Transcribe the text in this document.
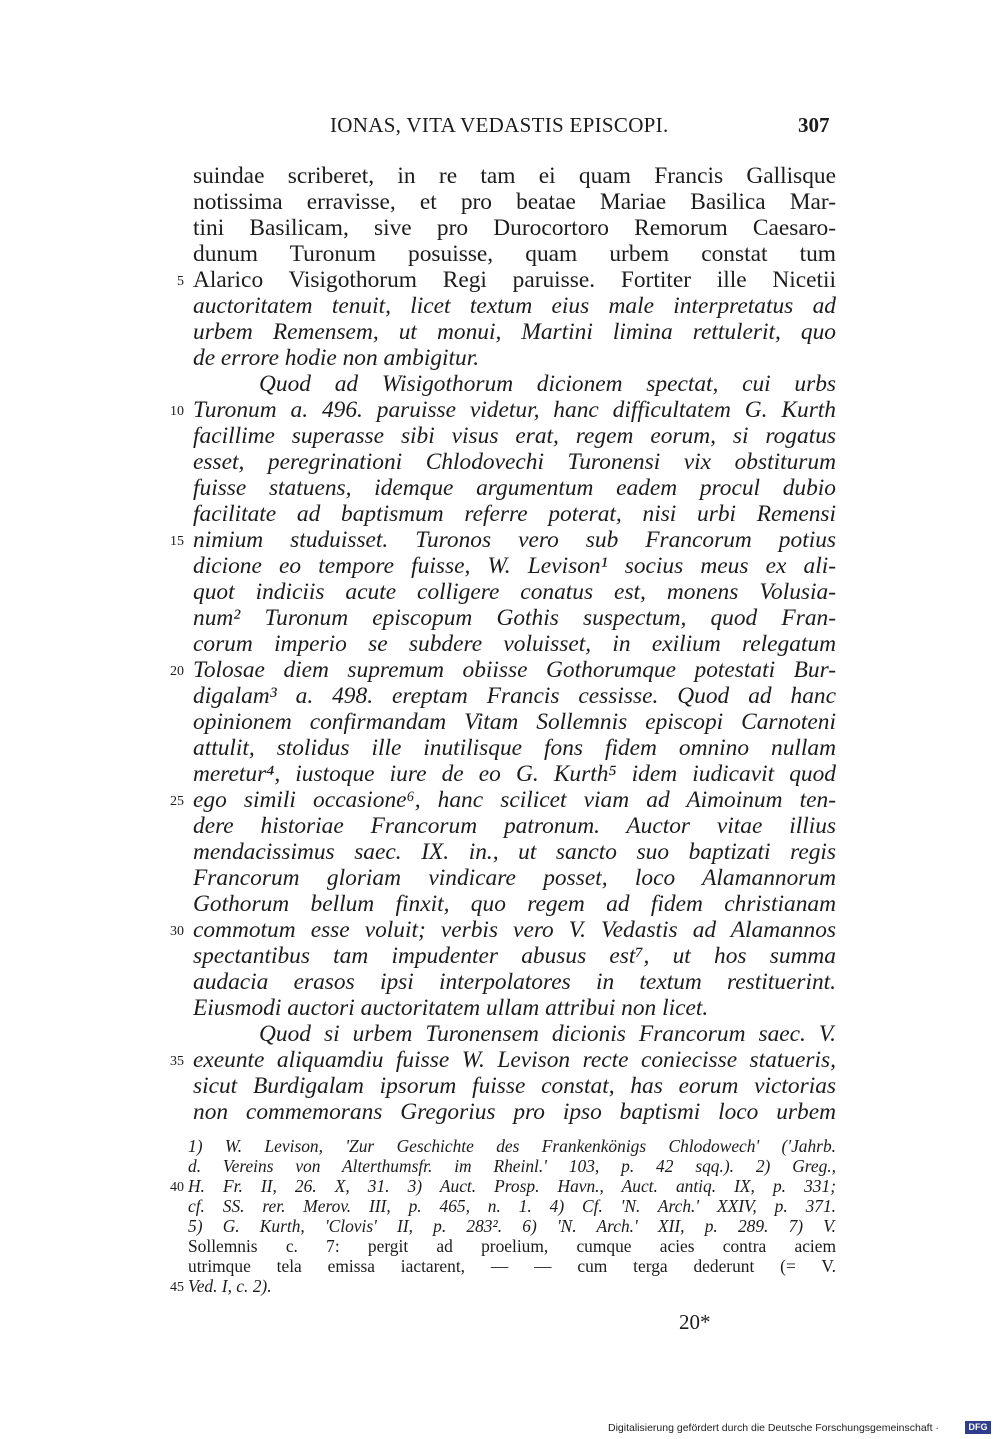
IONAS, VITA VEDASTIS EPISCOPI.	307
suindae scriberet, in re tam ei quam Francis Gallisque
notissima erravisse, et pro beatae Mariae Basilica Mar-
tini Basilicam, sive pro Durocortoro Remorum Caesaro-
dunum Turonum posuisse, quam urbem constat tum
Alarico Visigothorum Regi paruisse. Fortiter ille Nicetii
auctoritatem tenuit, licet textum eius male interpretatus ad
urbem Remensem, ut monui, Martini limina rettulerit, quo
de errore hodie non ambigitur.
Quod ad Wisigothorum dicionem spectat, cui urbs
Turonum a. 496. paruisse videtur, hanc difficultatem G. Kurth
facillime superasse sibi visus erat, regem eorum, si rogatus
esset, peregrinationi Chlodovechi Turonensi vix obstiturum
fuisse statuens, idemque argumentum eadem procul dubio
facilitate ad baptismum referre poterat, nisi urbi Remensi
nimium studuisset. Turonos vero sub Francorum potius
dicione eo tempore fuisse, W. Levison¹ socius meus ex ali-
quot indiciis acute colligere conatus est, monens Volusia-
num² Turonum episcopum Gothis suspectum, quod Fran-
corum imperio se subdere voluisset, in exilium relegatum
Tolosae diem supremum obiisse Gothorumque potestati Bur-
digalam³ a. 498. ereptam Francis cessisse. Quod ad hanc
opinionem confirmandam Vitam Sollemnis episcopi Carnoteni
attulit, stolidus ille inutilisque fons fidem omnino nullam
meretur⁴, iustoque iure de eo G. Kurth⁵ idem iudicavit quod
ego simili occasione⁶, hanc scilicet viam ad Aimoinum ten-
dere historiae Francorum patronum. Auctor vitae illius
mendacissimus saec. IX. in., ut sancto suo baptizati regis
Francorum gloriam vindicare posset, loco Alamannorum
Gothorum bellum finxit, quo regem ad fidem christianam
commotum esse voluit; verbis vero V. Vedastis ad Alamannos
spectantibus tam impudenter abusus est⁷, ut hos summa
audacia erasos ipsi interpolatores in textum restituerint.
Eiusmodi auctori auctoritatem ullam attribui non licet.
Quod si urbem Turonensem dicionis Francorum saec. V.
exeunte aliquamdiu fuisse W. Levison recte coniecisse statueris,
sicut Burdigalam ipsorum fuisse constat, has eorum victorias
non commemorans Gregorius pro ipso baptismi loco urbem
5
10
15
20
25
30
35
40
45
1) W. Levison, 'Zur Geschichte des Frankenkönigs Chlodowech' ('Jahrb.
d. Vereins von Alterthumsfr. im Rheinl.' 103, p. 42 sqq.). 2) Greg.,
H. Fr. II, 26. X, 31. 3) Auct. Prosp. Havn., Auct. antiq. IX, p. 331;
cf. SS. rer. Merov. III, p. 465, n. 1. 4) Cf. 'N. Arch.' XXIV, p. 371.
5) G. Kurth, 'Clovis' II, p. 283². 6) 'N. Arch.' XII, p. 289. 7) V.
Sollemnis c. 7: pergit ad proelium, cumque acies contra aciem
utrimque tela emissa iactarent, — — cum terga dederunt (= V.
Ved. I, c. 2).
20*
Digitalisierung gefördert durch die Deutsche Forschungsgemeinschaft ·	DFG
